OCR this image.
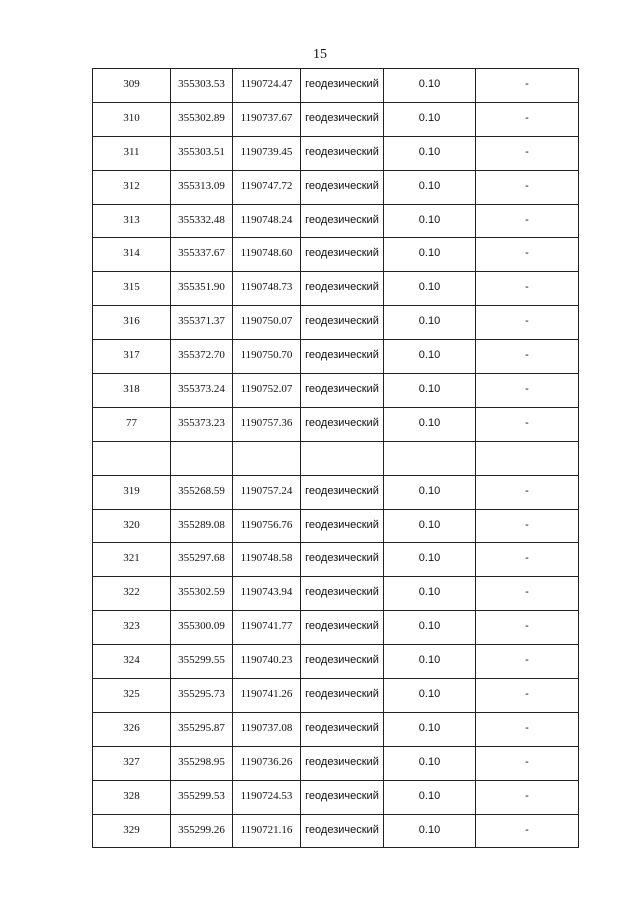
15
309	355303.53	1190724.47	геодезический	0.10	-
310	355302.89	1190737.67	геодезический	0.10	-
311	355303.51	1190739.45	геодезический	0.10	-
312	355313.09	1190747.72	геодезический	0.10	-
313	355332.48	1190748.24	геодезический	0.10	-
314	355337.67	1190748.60	геодезический	0.10	-
315	355351.90	1190748.73	геодезический	0.10	-
316	355371.37	1190750.07	геодезический	0.10	-
317	355372.70	1190750.70	геодезический	0.10	-
318	355373.24	1190752.07	геодезический	0.10	-
77	355373.23	1190757.36	геодезический	0.10	-

319	355268.59	1190757.24	геодезический	0.10	-
320	355289.08	1190756.76	геодезический	0.10	-
321	355297.68	1190748.58	геодезический	0.10	-
322	355302.59	1190743.94	геодезический	0.10	-
323	355300.09	1190741.77	геодезический	0.10	-
324	355299.55	1190740.23	геодезический	0.10	-
325	355295.73	1190741.26	геодезический	0.10	-
326	355295.87	1190737.08	геодезический	0.10	-
327	355298.95	1190736.26	геодезический	0.10	-
328	355299.53	1190724.53	геодезический	0.10	-
329	355299.26	1190721.16	геодезический	0.10	-
